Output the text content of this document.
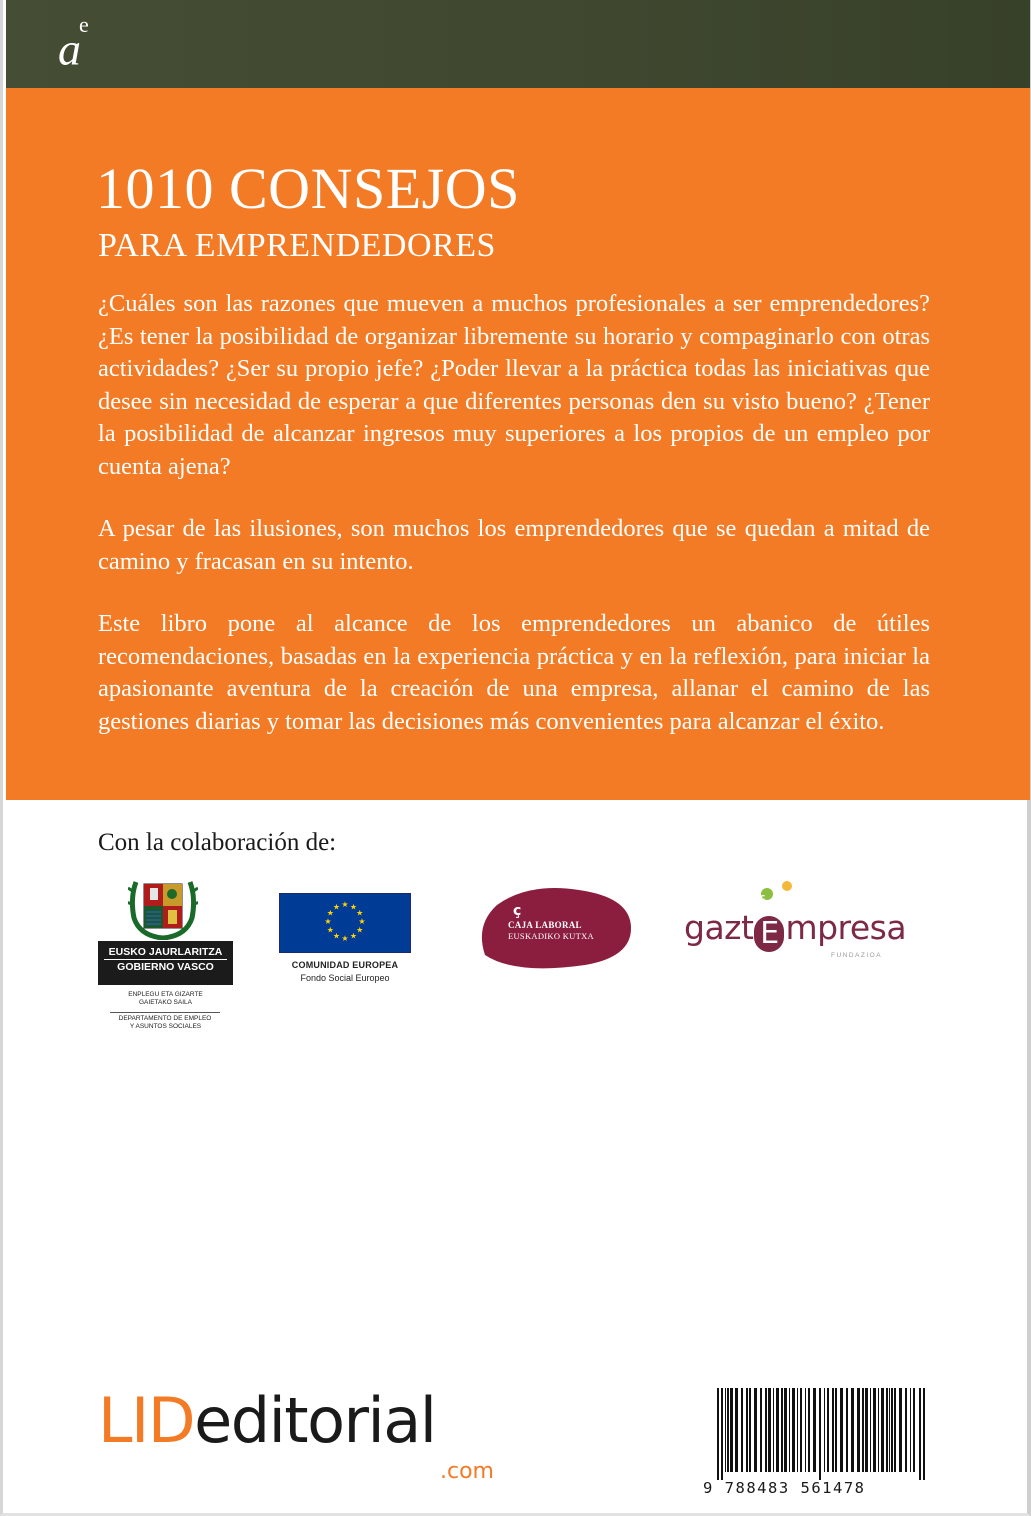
$a^e$
1010 CONSEJOS
PARA EMPRENDEDORES

¿Cuáles son las razones que mueven a muchos profesionales a ser emprendedores? ¿Es tener la posibilidad de organizar libremente su horario y compaginarlo con otras actividades? ¿Ser su propio jefe? ¿Poder llevar a la práctica todas las iniciativas que desee sin necesidad de esperar a que diferentes personas den su visto bueno? ¿Tener la posibilidad de alcanzar ingresos muy superiores a los propios de un empleo por cuenta ajena?

A pesar de las ilusiones, son muchos los emprendedores que se quedan a mitad de camino y fracasan en su intento.

Este libro pone al alcance de los emprendedores un abanico de útiles recomendaciones, basadas en la experiencia práctica y en la reflexión, para iniciar la apasionante aventura de la creación de una empresa, allanar el camino de las gestiones diarias y tomar las decisiones más convenientes para alcanzar el éxito.

Con la colaboración de:
EUSKO JAURLARITZA
GOBIERNO VASCO
ENPLEGU ETA GIZARTE
GAIETAKO SAILA
DEPARTAMENTO DE EMPLEO
Y ASUNTOS SOCIALES
★ ★
★
★
★
★
★
★
★
★
★
★
COMUNIDAD EUROPEA
Fondo Social Europeo
ç
CAJA LABORAL
EUSKADIKO KUTXA
ç
gazt E mpresa
FUNDAZIOA
LIDeditorial
.com
9 788483 561478
